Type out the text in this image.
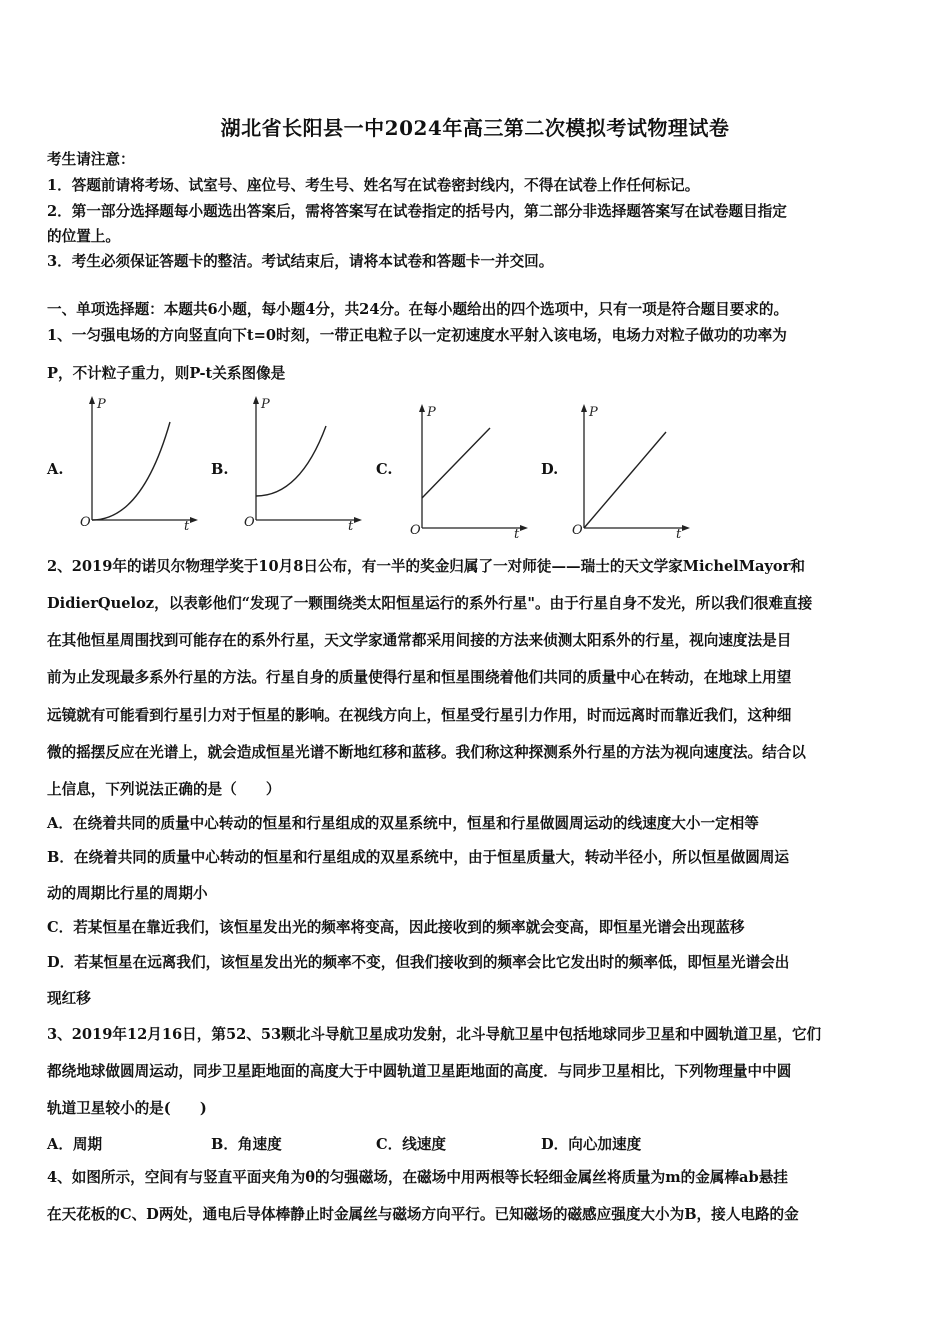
湖北省长阳县一中2024年高三第二次模拟考试物理试卷
考生请注意：
1．答题前请将考场、试室号、座位号、考生号、姓名写在试卷密封线内，不得在试卷上作任何标记。
2．第一部分选择题每小题选出答案后，需将答案写在试卷指定的括号内，第二部分非选择题答案写在试卷题目指定
的位置上。
3．考生必须保证答题卡的整洁。考试结束后，请将本试卷和答题卡一并交回。
一、单项选择题：本题共6小题，每小题4分，共24分。在每小题给出的四个选项中，只有一项是符合题目要求的。
1、一匀强电场的方向竖直向下t=0时刻，一带正电粒子以一定初速度水平射入该电场，电场力对粒子做功的功率为
P，不计粒子重力，则P-t关系图像是
A.	B.	C.	D.
P
t
O
P
t
O
P
t
O
P
t
O
2、2019年的诺贝尔物理学奖于10月8日公布，有一半的奖金归属了一对师徒——瑞士的天文学家MichelMayor和
DidierQueloz，以表彰他们“发现了一颗围绕类太阳恒星运行的系外行星"。由于行星自身不发光，所以我们很难直接
在其他恒星周围找到可能存在的系外行星，天文学家通常都采用间接的方法来侦测太阳系外的行星，视向速度法是目
前为止发现最多系外行星的方法。行星自身的质量使得行星和恒星围绕着他们共同的质量中心在转动，在地球上用望
远镜就有可能看到行星引力对于恒星的影响。在视线方向上，恒星受行星引力作用，时而远离时而靠近我们，这种细
微的摇摆反应在光谱上，就会造成恒星光谱不断地红移和蓝移。我们称这种探测系外行星的方法为视向速度法。结合以
上信息，下列说法正确的是（　　）
A．在绕着共同的质量中心转动的恒星和行星组成的双星系统中，恒星和行星做圆周运动的线速度大小一定相等
B．在绕着共同的质量中心转动的恒星和行星组成的双星系统中，由于恒星质量大，转动半径小，所以恒星做圆周运
动的周期比行星的周期小
C．若某恒星在靠近我们，该恒星发出光的频率将变高，因此接收到的频率就会变高，即恒星光谱会出现蓝移
D．若某恒星在远离我们，该恒星发出光的频率不变，但我们接收到的频率会比它发出时的频率低，即恒星光谱会出
现红移
3、2019年12月16日，第52、53颗北斗导航卫星成功发射，北斗导航卫星中包括地球同步卫星和中圆轨道卫星，它们
都绕地球做圆周运动，同步卫星距地面的高度大于中圆轨道卫星距地面的高度．与同步卫星相比，下列物理量中中圆
轨道卫星较小的是(　　)
A．周期	B．角速度	C．线速度	D．向心加速度
4、如图所示，空间有与竖直平面夹角为θ的匀强磁场，在磁场中用两根等长轻细金属丝将质量为m的金属棒ab悬挂
在天花板的C、D两处，通电后导体棒静止时金属丝与磁场方向平行。已知磁场的磁感应强度大小为B，接人电路的金
